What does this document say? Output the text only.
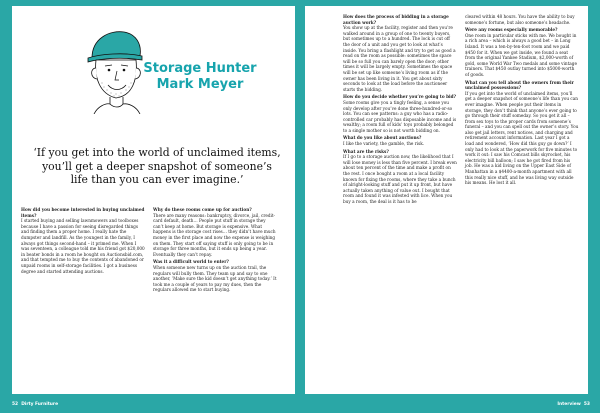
Storage Hunter
Mark Meyer
‘If you get into the world of unclaimed items, you’ll get a deeper snapshot of someone’s life than you can ever imagine.’

How did you become interested in buying unclaimed items?
I started buying and selling lawnmowers and toolboxes because I have a passion for seeing disregarded things and finding them a proper home. I really hate the dumpster and landfill. As the youngest in the family, I always got things second-hand – it primed me. When I was seventeen, a colleague told me his friend got $20,000 in beater bonds in a room he bought on Auctionsbid.com, and that tempted me to buy the contents of abandoned or unpaid rooms in self-storage facilities. I got a business degree and started attending auctions.

Why do these rooms come up for auction?
There are many reasons: bankruptcy, divorce, jail, credit-card default, death… People put stuff in storage they can’t keep at home. But storage is expensive. What happens is the storage cost rises… they didn’t have much money in the first place and now the expense is weighing on them. They start off saying stuff is only going to be in storage for three months, but it ends up being a year. Eventually they can’t repay.

Was it a difficult world to enter?
When someone new turns up on the auction trail, the regulars will bully them. They team up and say to one another, ‘Make sure the kid doesn’t get anything today.’ It took me a couple of years to pay my dues, then the regulars allowed me to start buying.

52 Dirty Furniture

How does the process of bidding in a storage auction work?
You show up at the facility, register and then you’re walked around in a group of one to twenty buyers, but sometimes up to a hundred. The lock is cut off the door of a unit and you get to look at what’s inside. You bring a flashlight and try to get as good a read on the room as possible: sometimes the space will be so full you can barely open the door; other times it will be largely empty. Sometimes the space will be set up like someone’s living room as if the owner has been living in it. You get about sixty seconds to look at the load before the auctioneer starts the bidding.

How do you decide whether you’re going to bid?
Some rooms give you a tingly feeling, a sense you only develop after you’ve done three-hundred-or-so lots. You can see patterns: a guy who has a radio-controlled car probably has disposable income and is wealthy; a room full of kids’ toys probably belonged to a single mother so is not worth bidding on.

What do you like about auctions?
I like the variety, the gamble, the risk.

What are the risks?
If I go to a storage auction now, the likelihood that I will lose money is less than five percent. I break even about ten percent of the time and make a profit on the rest. I once bought a room at a local facility known for fixing the rooms, where they take a bunch of alright-looking stuff and put it up front, but have actually taken anything of value out. I bought that room and found it was infested with lice. When you buy a room, the deal is it has to be

cleared within 48 hours. You have the ability to buy someone’s fortune, but also someone’s headache.

Were any rooms especially memorable?
One room in particular sticks with me. We bought in a rich area – which is always a good bet – in Long Island. It was a ten-by-ten-foot room and we paid $450 for it. When we got inside, we found a seat from the original Yankee Stadium, $2,000-worth of gold, some World War Two medals and some vintage trainers. That $450 outlay turned into $5000-worth of goods.

What can you tell about the owners from their unclaimed possessions?
If you get into the world of unclaimed items, you’ll get a deeper snapshot of someone’s life than you can ever imagine. When people put their items in storage, they don’t think that anyone’s ever going to go through their stuff someday. So you get it all – from sex toys to the proper cards from someone’s funeral – and you can spell out the owner’s story. You also get jail letters, rent notices, and charging and retirement account information. Last year I got a load and wondered, ‘How did this guy go down?’ I only had to look at the paperwork for five minutes to work it out: I saw his Comcast bills skyrocket, his electricity bill balloon; I saw he got fired from his job. He was a kid living on the Upper East Side of Manhattan in a $4400-a-month apartment with all this really nice stuff, and he was living way outside his means. He lost it all.

Interview 53
